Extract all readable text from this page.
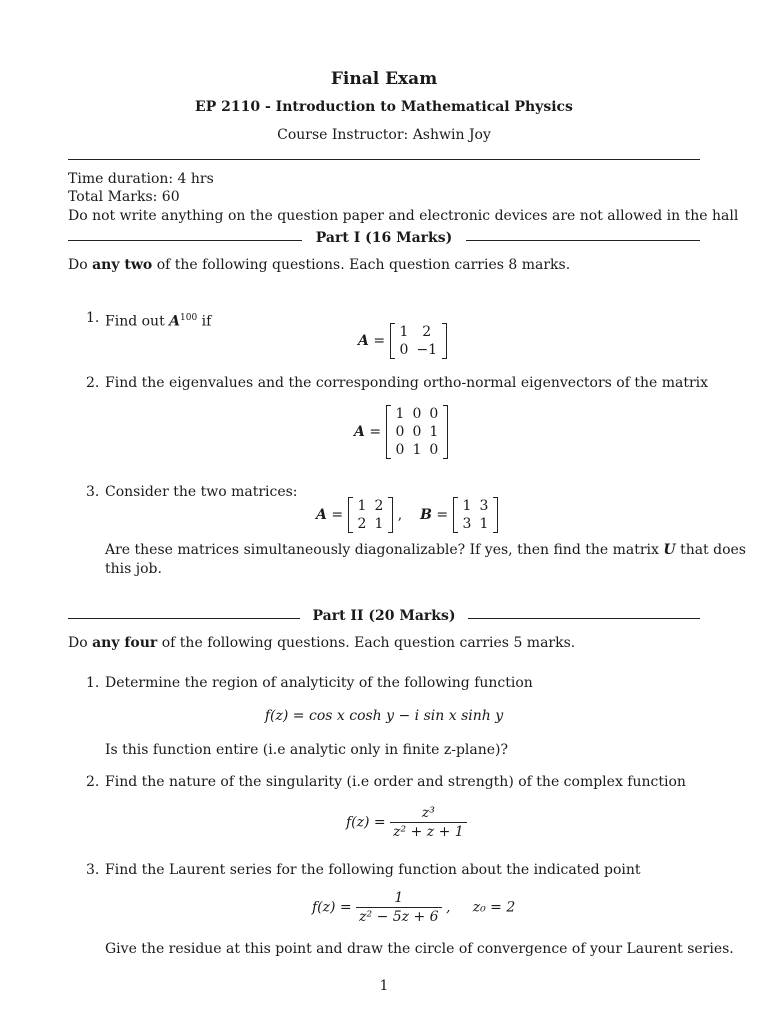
Final Exam
EP 2110 - Introduction to Mathematical Physics
Course Instructor: Ashwin Joy
Time duration: 4 hrs
Total Marks: 60
Do not write anything on the question paper and electronic devices are not allowed in the hall
Part I (16 Marks)
Do any two of the following questions. Each question carries 8 marks.
1. Find out $A^{100}$ if
A =
1	2
0	−1
2. Find the eigenvalues and the corresponding ortho-normal eigenvectors of the matrix
A =
1	0	0
0	0	1
0	1	0
3. Consider the two matrices:
A =
1	2
2	1
,    B =
1	3
3	1
Are these matrices simultaneously diagonalizable? If yes, then find the matrix U that does
this job.
Part II (20 Marks)
Do any four of the following questions. Each question carries 5 marks.
1. Determine the region of analyticity of the following function
f(z) = cos x cosh y − i sin x sinh y
Is this function entire (i.e analytic only in finite z-plane)?
2. Find the nature of the singularity (i.e order and strength) of the complex function
$f(z) = \frac{\text{z³}}{\text{z² + z + 1}}$
3. Find the Laurent series for the following function about the indicated point
$f(z) = \frac{1}{\text{z² − 5z + 6}}$ ,     z₀ = 2
Give the residue at this point and draw the circle of convergence of your Laurent series.
1
